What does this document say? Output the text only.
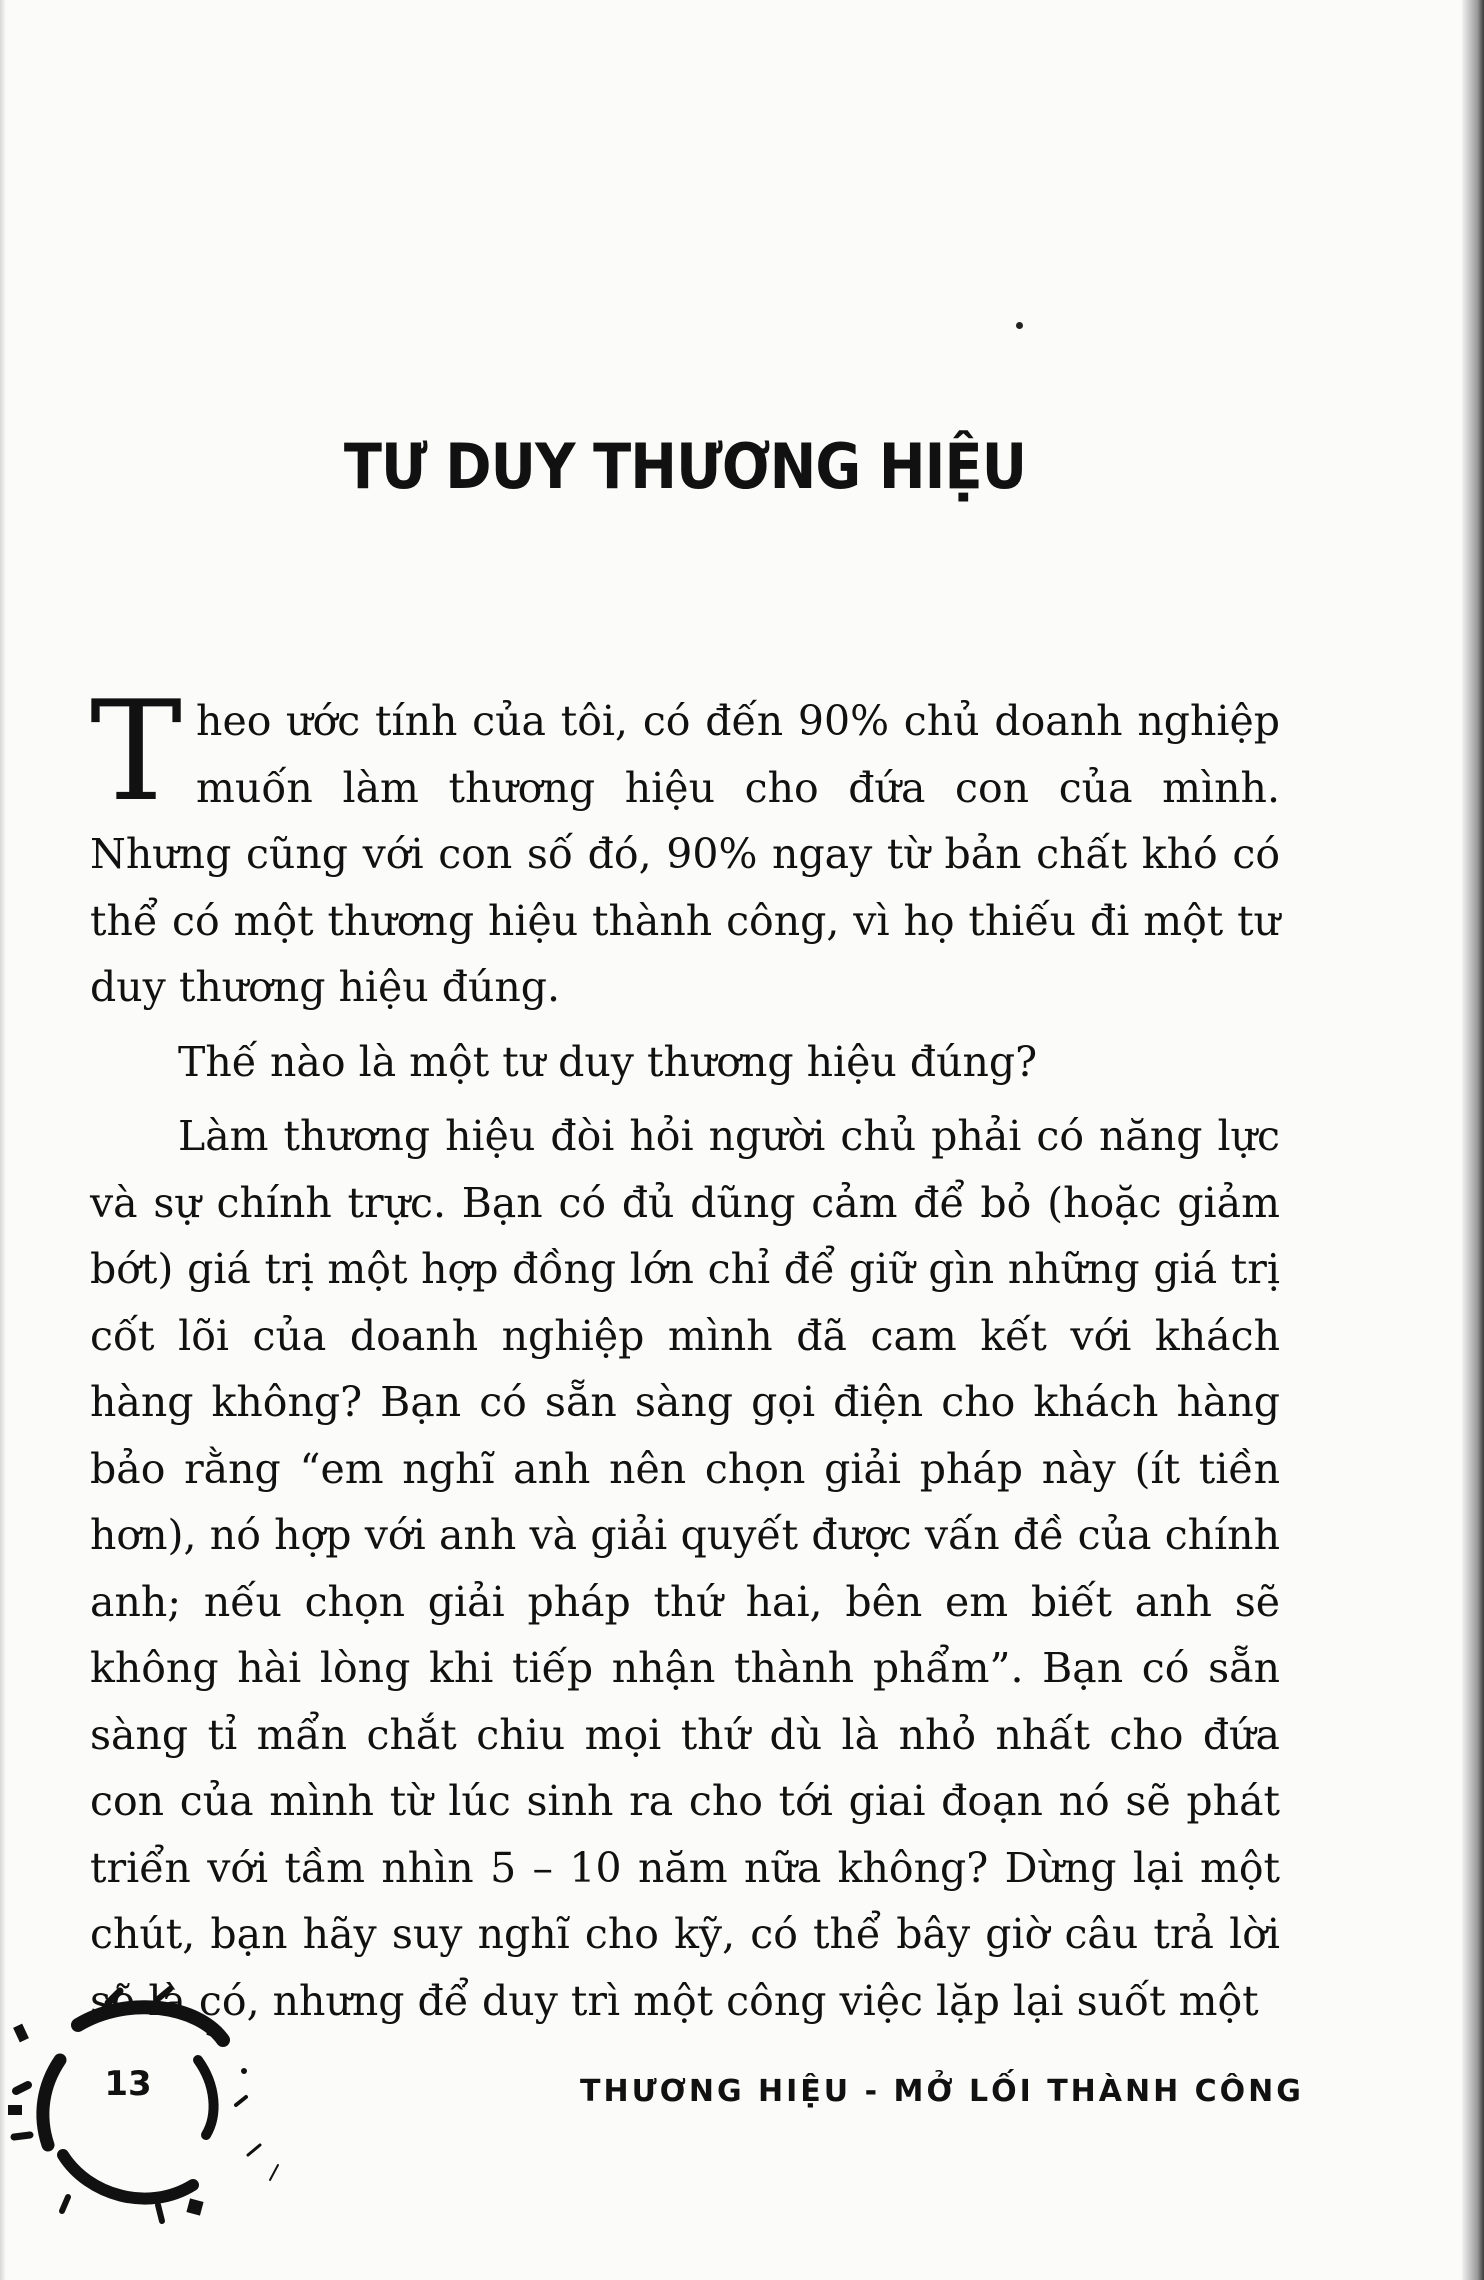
TƯ DUY THƯƠNG HIỆU

Theo ước tính của tôi, có đến 90% chủ doanh nghiệp muốn làm thương hiệu cho đứa con của mình. Nhưng cũng với con số đó, 90% ngay từ bản chất khó có thể có một thương hiệu thành công, vì họ thiếu đi một tư duy thương hiệu đúng.

Thế nào là một tư duy thương hiệu đúng?

Làm thương hiệu đòi hỏi người chủ phải có năng lực và sự chính trực. Bạn có đủ dũng cảm để bỏ (hoặc giảm bớt) giá trị một hợp đồng lớn chỉ để giữ gìn những giá trị cốt lõi của doanh nghiệp mình đã cam kết với khách hàng không? Bạn có sẵn sàng gọi điện cho khách hàng bảo rằng “em nghĩ anh nên chọn giải pháp này (ít tiền hơn), nó hợp với anh và giải quyết được vấn đề của chính anh; nếu chọn giải pháp thứ hai, bên em biết anh sẽ không hài lòng khi tiếp nhận thành phẩm”. Bạn có sẵn sàng tỉ mẩn chắt chiu mọi thứ dù là nhỏ nhất cho đứa con của mình từ lúc sinh ra cho tới giai đoạn nó sẽ phát triển với tầm nhìn 5 – 10 năm nữa không? Dừng lại một chút, bạn hãy suy nghĩ cho kỹ, có thể bây giờ câu trả lời sẽ là có, nhưng để duy trì một công việc lặp lại suốt một

13	THƯƠNG HIỆU - MỞ LỐI THÀNH CÔNG
